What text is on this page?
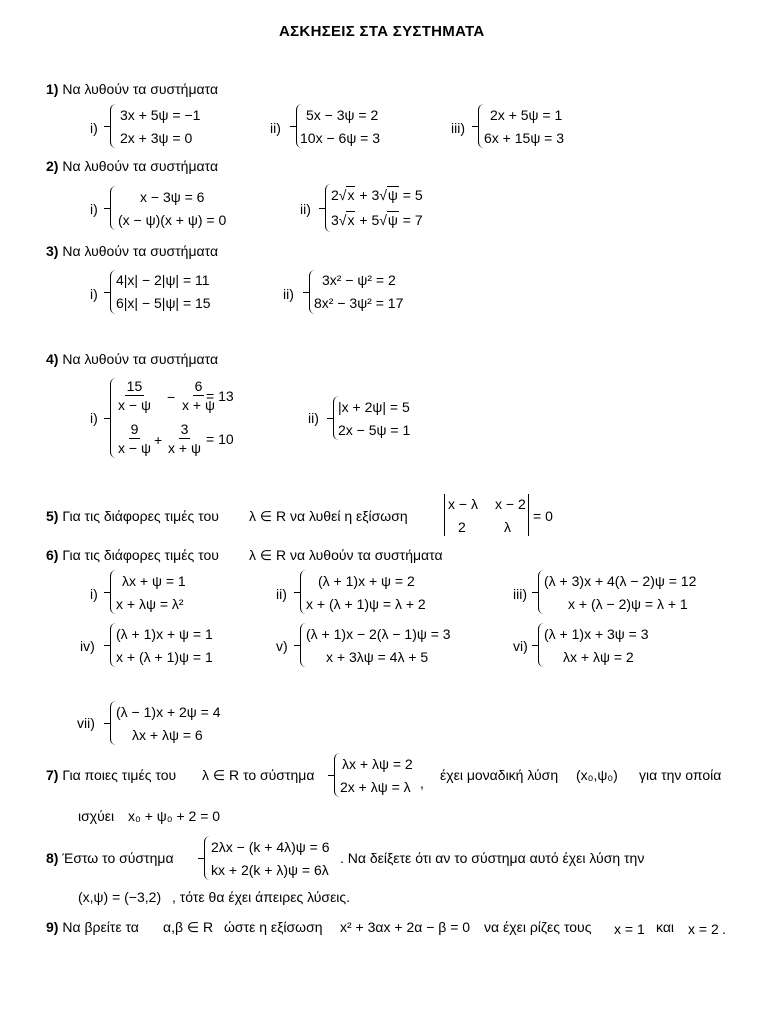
ΑΣΚΗΣΕΙΣ ΣΤΑ ΣΥΣΤΗΜΑΤΑ
1) Να λυθούν τα συστήματα
i)
3x + 5ψ = −1
2x + 3ψ = 0
ii)
5x − 3ψ = 2
10x − 6ψ = 3
iii)
2x + 5ψ = 1
6x + 15ψ = 3
2) Να λυθούν τα συστήματα
i)
x − 3ψ = 6
(x − ψ)(x + ψ) = 0
ii)
2√x + 3√ψ = 5
3√x + 5√ψ = 7
3) Να λυθούν τα συστήματα
i)
4|x| − 2|ψ| = 11
6|x| − 5|ψ| = 15
ii)
3x² − ψ² = 2
8x² − 3ψ² = 17
4) Να λυθούν τα συστήματα
i)
$\frac{15}{x - \psi} - \frac{6}{x + \psi}$
= 13
$\frac{9}{x - \psi} + \frac{3}{x + \psi} = 10$
ii)
|x + 2ψ| = 5
2x − 5ψ = 1
5) Για τις διάφορες τιμές του λ ∈ R να λυθεί η εξίσωση
x − λ x − 2
2	λ
= 0
6) Για τις διάφορες τιμές του λ ∈ R να λυθούν τα συστήματα
i)
λx + ψ = 1
x + λψ = λ²
ii)
(λ + 1)x + ψ = 2
x + (λ + 1)ψ = λ + 2
iii)
(λ + 3)x + 4(λ − 2)ψ = 12
x + (λ − 2)ψ = λ + 1
iv)
(λ + 1)x + ψ = 1
x + (λ + 1)ψ = 1
v)
(λ + 1)x − 2(λ − 1)ψ = 3
x + 3λψ = 4λ + 5
vi)
(λ + 1)x + 3ψ = 3
λx + λψ = 2
vii)
(λ − 1)x + 2ψ = 4
λx + λψ = 6
7) Για ποιες τιμές του λ ∈ R το σύστημα
λx + λψ = 2
2x + λψ = λ , έχει μοναδική λύση (x₀,ψ₀) για την οποία
ισχύει x₀ + ψ₀ + 2 = 0
8) Έστω το σύστημα
2λx − (k + 4λ)ψ = 6
kx + 2(k + λ)ψ = 6λ
. Να δείξετε ότι αν το σύστημα αυτό έχει λύση την
(x,ψ) = (−3,2) , τότε θα έχει άπειρες λύσεις.
9) Να βρείτε τα α,β ∈ R ώστε η εξίσωση x² + 3αx + 2α − β = 0 να έχει ρίζες τους x = 1 και x = 2 .
